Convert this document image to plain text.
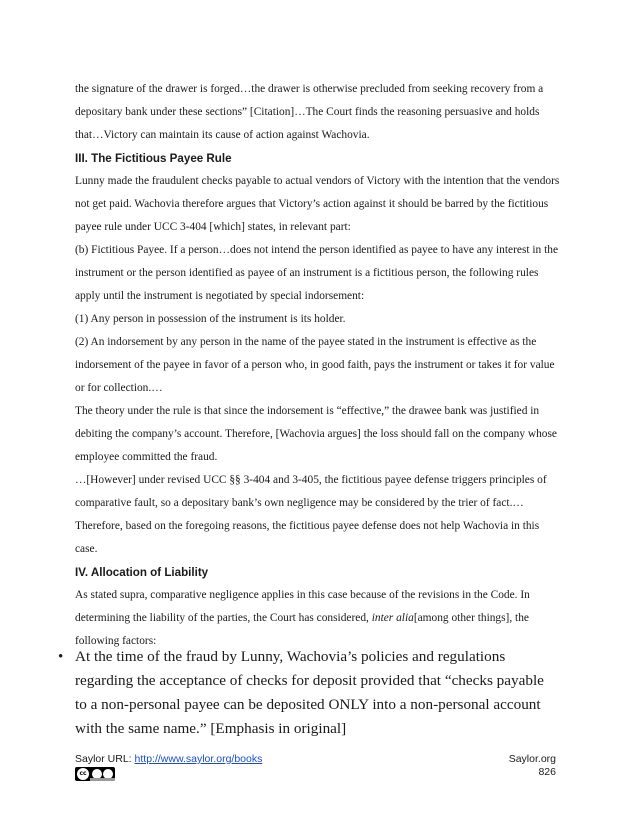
the signature of the drawer is forged…the drawer is otherwise precluded from seeking recovery from a depositary bank under these sections” [Citation]…The Court finds the reasoning persuasive and holds that…Victory can maintain its cause of action against Wachovia.

III. The Fictitious Payee Rule

Lunny made the fraudulent checks payable to actual vendors of Victory with the intention that the vendors not get paid. Wachovia therefore argues that Victory’s action against it should be barred by the fictitious payee rule under UCC 3-404 [which] states, in relevant part:

(b) Fictitious Payee. If a person…does not intend the person identified as payee to have any interest in the instrument or the person identified as payee of an instrument is a fictitious person, the following rules apply until the instrument is negotiated by special indorsement:

(1) Any person in possession of the instrument is its holder.

(2) An indorsement by any person in the name of the payee stated in the instrument is effective as the indorsement of the payee in favor of a person who, in good faith, pays the instrument or takes it for value or for collection.…

The theory under the rule is that since the indorsement is “effective,” the drawee bank was justified in debiting the company’s account. Therefore, [Wachovia argues] the loss should fall on the company whose employee committed the fraud.

…[However] under revised UCC §§ 3-404 and 3-405, the fictitious payee defense triggers principles of comparative fault, so a depositary bank’s own negligence may be considered by the trier of fact.…Therefore, based on the foregoing reasons, the fictitious payee defense does not help Wachovia in this case.

IV. Allocation of Liability

As stated supra, comparative negligence applies in this case because of the revisions in the Code. In determining the liability of the parties, the Court has considered, inter alia[among other things], the following factors:

• At the time of the fraud by Lunny, Wachovia’s policies and regulations regarding the acceptance of checks for deposit provided that “checks payable to a non-personal payee can be deposited ONLY into a non-personal account with the same name.” [Emphasis in original]
Saylor URL: http://www.saylor.org/books
cc
Saylor.org
826
